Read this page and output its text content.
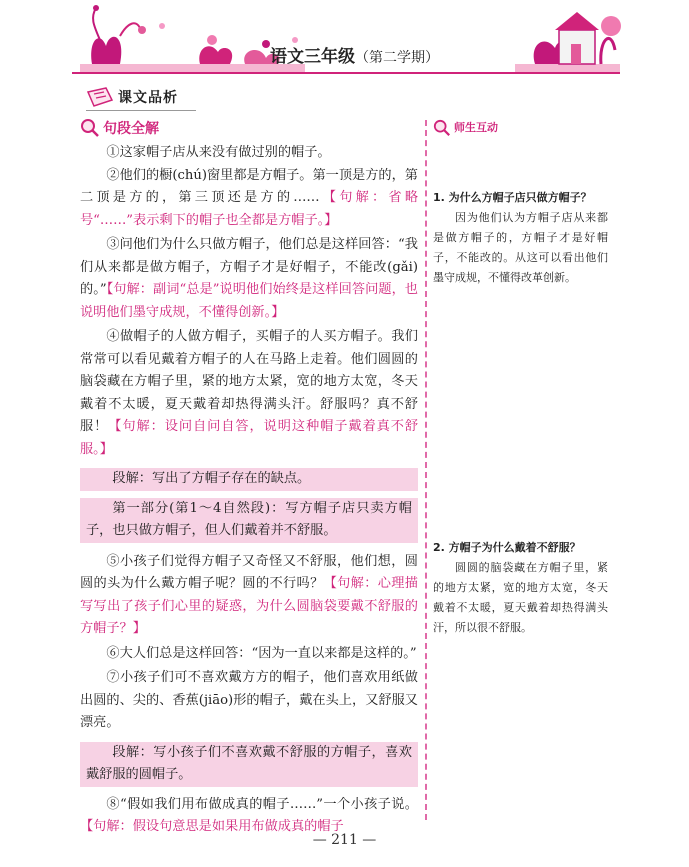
语文三年级（第二学期）
课文品析
句段全解

①这家帽子店从来没有做过别的帽子。

②他们的橱(chú)窗里都是方帽子。第一顶是方的，第二顶是方的，第三顶还是方的……【句解：省略号“……”表示剩下的帽子也全都是方帽子。】

③问他们为什么只做方帽子，他们总是这样回答：“我们从来都是做方帽子，方帽子才是好帽子，不能改(gǎi)的。”【句解：副词“总是”说明他们始终是这样回答问题，也说明他们墨守成规，不懂得创新。】

④做帽子的人做方帽子，买帽子的人买方帽子。我们常常可以看见戴着方帽子的人在马路上走着。他们圆圆的脑袋藏在方帽子里，紧的地方太紧，宽的地方太宽，冬天戴着不太暖，夏天戴着却热得满头汗。舒服吗？真不舒服！【句解：设问自问自答，说明这种帽子戴着真不舒服。】

段解：写出了方帽子存在的缺点。
第一部分(第1～4自然段)：写方帽子店只卖方帽子，也只做方帽子，但人们戴着并不舒服。

⑤小孩子们觉得方帽子又奇怪又不舒服，他们想，圆圆的头为什么戴方帽子呢？圆的不行吗？【句解：心理描写写出了孩子们心里的疑惑，为什么圆脑袋要戴不舒服的方帽子？】

⑥大人们总是这样回答：“因为一直以来都是这样的。”

⑦小孩子们可不喜欢戴方方的帽子，他们喜欢用纸做出圆的、尖的、香蕉(jiāo)形的帽子，戴在头上，又舒服又漂亮。

段解：写小孩子们不喜欢戴不舒服的方帽子，喜欢戴舒服的圆帽子。

⑧“假如我们用布做成真的帽子……”一个小孩子说。【句解：假设句意思是如果用布做成真的帽子

师生互动

1. 为什么方帽子店只做方帽子？

因为他们认为方帽子店从来都是做方帽子的，方帽子才是好帽子，不能改的。从这可以看出他们墨守成规，不懂得改革创新。

2. 方帽子为什么戴着不舒服？

圆圆的脑袋藏在方帽子里，紧的地方太紧，宽的地方太宽，冬天戴着不太暖，夏天戴着却热得满头汗，所以很不舒服。

— 211 —
